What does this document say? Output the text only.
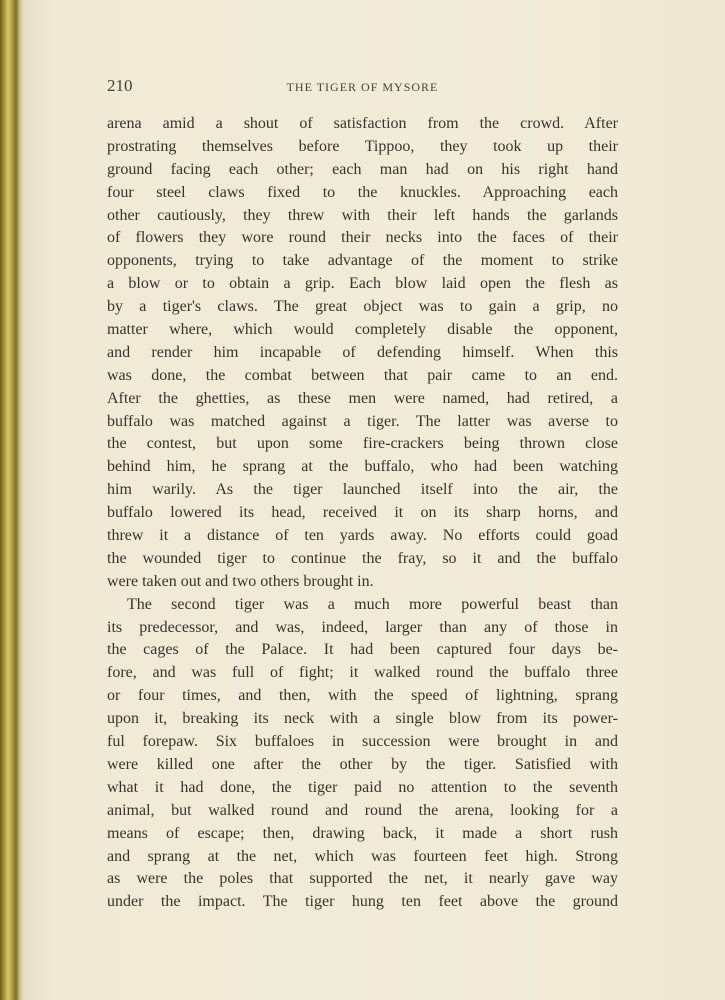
210	THE TIGER OF MYSORE
arena amid a shout of satisfaction from the crowd. After
prostrating themselves before Tippoo, they took up their
ground facing each other; each man had on his right hand
four steel claws fixed to the knuckles. Approaching each
other cautiously, they threw with their left hands the garlands
of flowers they wore round their necks into the faces of their
opponents, trying to take advantage of the moment to strike
a blow or to obtain a grip. Each blow laid open the flesh as
by a tiger's claws. The great object was to gain a grip, no
matter where, which would completely disable the opponent,
and render him incapable of defending himself. When this
was done, the combat between that pair came to an end.
After the ghetties, as these men were named, had retired, a
buffalo was matched against a tiger. The latter was averse to
the contest, but upon some fire-crackers being thrown close
behind him, he sprang at the buffalo, who had been watching
him warily. As the tiger launched itself into the air, the
buffalo lowered its head, received it on its sharp horns, and
threw it a distance of ten yards away. No efforts could goad
the wounded tiger to continue the fray, so it and the buffalo
were taken out and two others brought in.
The second tiger was a much more powerful beast than
its predecessor, and was, indeed, larger than any of those in
the cages of the Palace. It had been captured four days be-
fore, and was full of fight; it walked round the buffalo three
or four times, and then, with the speed of lightning, sprang
upon it, breaking its neck with a single blow from its power-
ful forepaw. Six buffaloes in succession were brought in and
were killed one after the other by the tiger. Satisfied with
what it had done, the tiger paid no attention to the seventh
animal, but walked round and round the arena, looking for a
means of escape; then, drawing back, it made a short rush
and sprang at the net, which was fourteen feet high. Strong
as were the poles that supported the net, it nearly gave way
under the impact. The tiger hung ten feet above the ground
